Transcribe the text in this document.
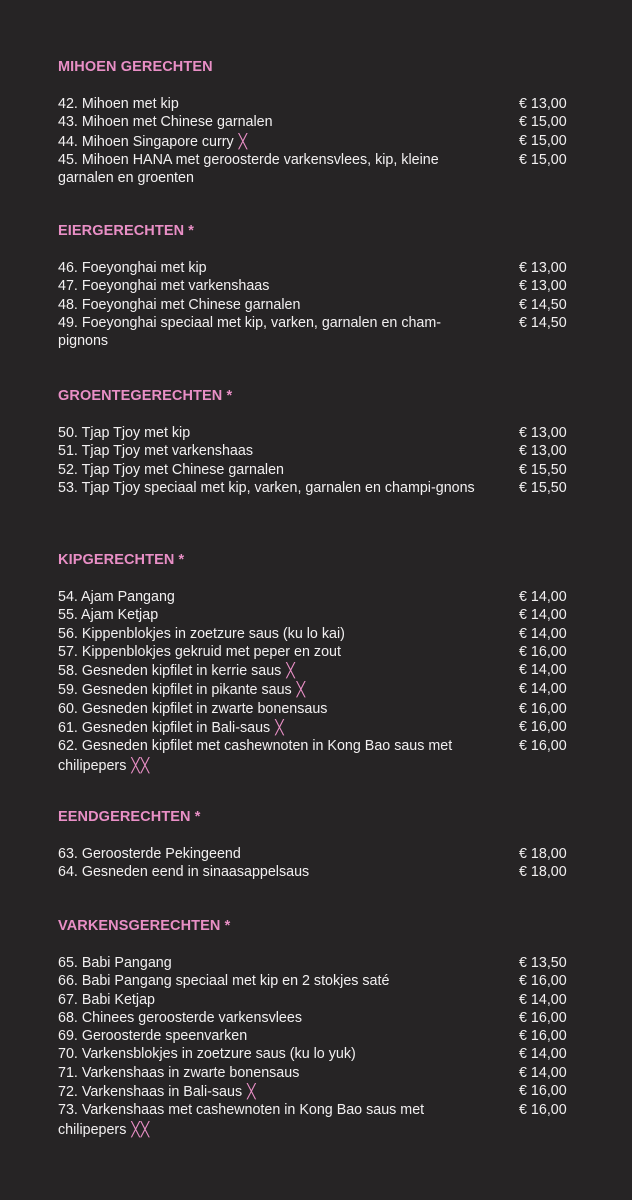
MIHOEN GERECHTEN
42. Mihoen met kip	€ 13,00
43. Mihoen met Chinese garnalen	€ 15,00
44. Mihoen Singapore curry ╳	€ 15,00
45. Mihoen HANA met geroosterde varkensvlees, kip, kleine garnalen en groenten
€ 15,00
EIERGERECHTEN *
46. Foeyonghai met kip	€ 13,00
47. Foeyonghai met varkenshaas	€ 13,00
48. Foeyonghai met Chinese garnalen	€ 14,50
49. Foeyonghai speciaal met kip, varken, garnalen en cham-pignons
€ 14,50
GROENTEGERECHTEN *
50. Tjap Tjoy met kip	€ 13,00
51. Tjap Tjoy met varkenshaas	€ 13,00
52. Tjap Tjoy met Chinese garnalen	€ 15,50
53. Tjap Tjoy speciaal met kip, varken, garnalen en champi-gnons	€ 15,50
KIPGERECHTEN *
54. Ajam Pangang	€ 14,00
55. Ajam Ketjap	€ 14,00
56. Kippenblokjes in zoetzure saus (ku lo kai)	€ 14,00
57. Kippenblokjes gekruid met peper en zout	€ 16,00
58. Gesneden kipfilet in kerrie saus ╳	€ 14,00
59. Gesneden kipfilet in pikante saus ╳	€ 14,00
60. Gesneden kipfilet in zwarte bonensaus	€ 16,00
61. Gesneden kipfilet in Bali-saus ╳	€ 16,00
62. Gesneden kipfilet met cashewnoten in Kong Bao saus met chilipepers ╳╳
€ 16,00
EENDGERECHTEN *
63. Geroosterde Pekingeend	€ 18,00
64. Gesneden eend in sinaasappelsaus	€ 18,00
VARKENSGERECHTEN *
65. Babi Pangang	€ 13,50
66. Babi Pangang speciaal met kip en 2 stokjes saté	€ 16,00
67. Babi Ketjap	€ 14,00
68. Chinees geroosterde varkensvlees	€ 16,00
69. Geroosterde speenvarken	€ 16,00
70. Varkensblokjes in zoetzure saus (ku lo yuk)	€ 14,00
71. Varkenshaas in zwarte bonensaus	€ 14,00
72. Varkenshaas in Bali-saus ╳	€ 16,00
73. Varkenshaas met cashewnoten in Kong Bao saus met chilipepers ╳╳
€ 16,00
